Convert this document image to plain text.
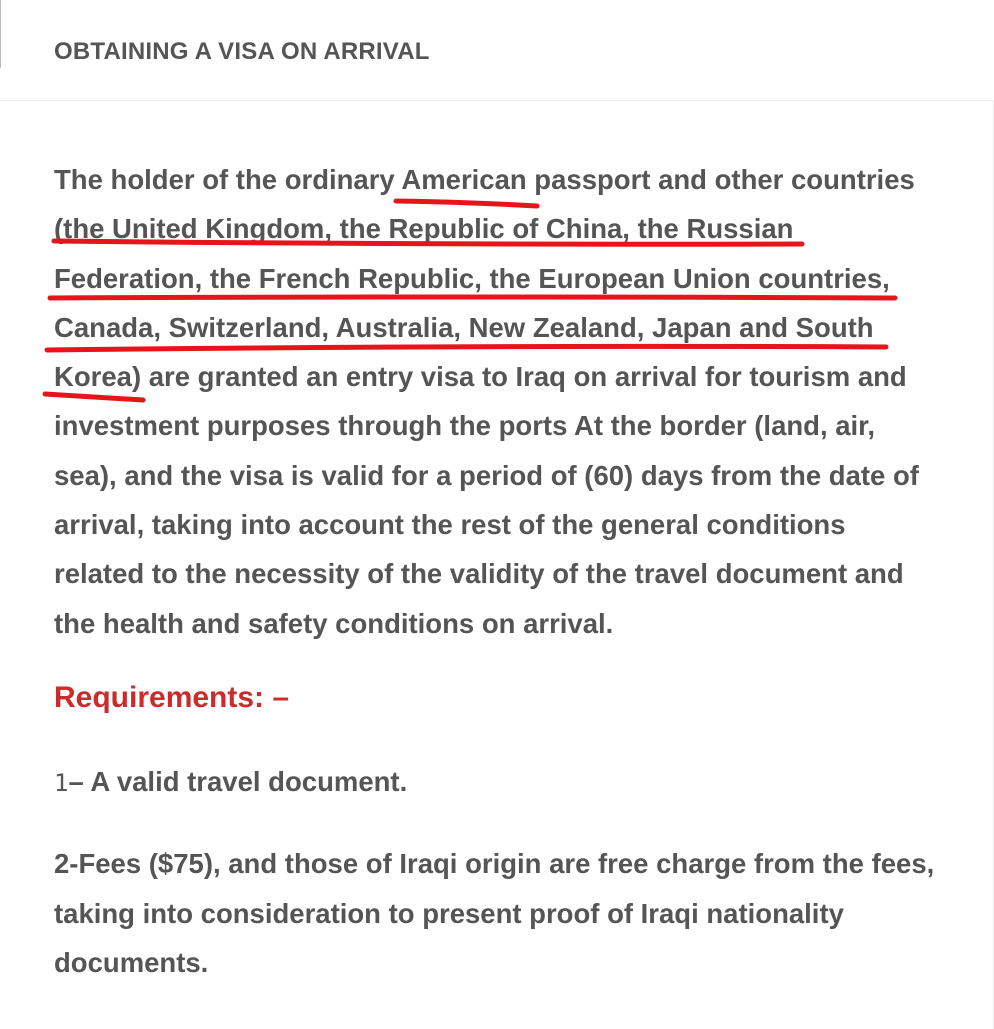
OBTAINING A VISA ON ARRIVAL

The holder of the ordinary American passport and other countries
(the United Kingdom, the Republic of China, the Russian
Federation, the French Republic, the European Union countries,
Canada, Switzerland, Australia, New Zealand, Japan and South
Korea) are granted an entry visa to Iraq on arrival for tourism and
investment purposes through the ports At the border (land, air,
sea), and the visa is valid for a period of (60) days from the date of
arrival, taking into account the rest of the general conditions
related to the necessity of the validity of the travel document and
the health and safety conditions on arrival.

Requirements: –

1– A valid travel document.

2-Fees ($75), and those of Iraqi origin are free charge from the fees,
taking into consideration to present proof of Iraqi nationality
documents.
